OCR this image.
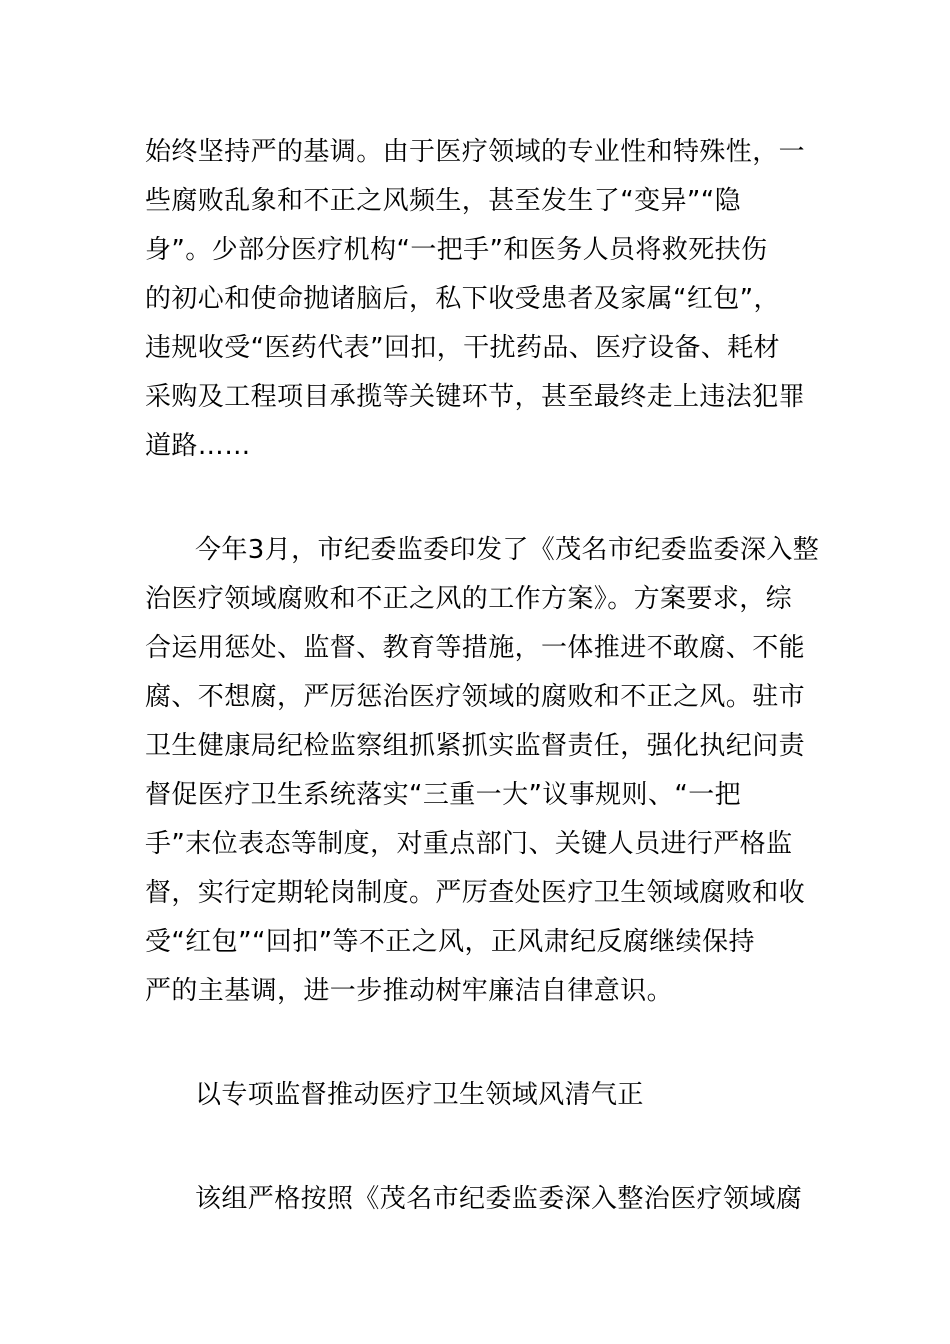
始终坚持严的基调。由于医疗领域的专业性和特殊性，一
些腐败乱象和不正之风频生，甚至发生了“变异”“隐
身”。少部分医疗机构“一把手”和医务人员将救死扶伤
的初心和使命抛诸脑后，私下收受患者及家属“红包”，
违规收受“医药代表”回扣，干扰药品、医疗设备、耗材
采购及工程项目承揽等关键环节，甚至最终走上违法犯罪
道路……
今年3月，市纪委监委印发了《茂名市纪委监委深入整
治医疗领域腐败和不正之风的工作方案》。方案要求，综
合运用惩处、监督、教育等措施，一体推进不敢腐、不能
腐、不想腐，严厉惩治医疗领域的腐败和不正之风。驻市
卫生健康局纪检监察组抓紧抓实监督责任，强化执纪问责
督促医疗卫生系统落实“三重一大”议事规则、“一把
手”末位表态等制度，对重点部门、关键人员进行严格监
督，实行定期轮岗制度。严厉查处医疗卫生领域腐败和收
受“红包”“回扣”等不正之风，正风肃纪反腐继续保持
严的主基调，进一步推动树牢廉洁自律意识。
以专项监督推动医疗卫生领域风清气正
该组严格按照《茂名市纪委监委深入整治医疗领域腐
